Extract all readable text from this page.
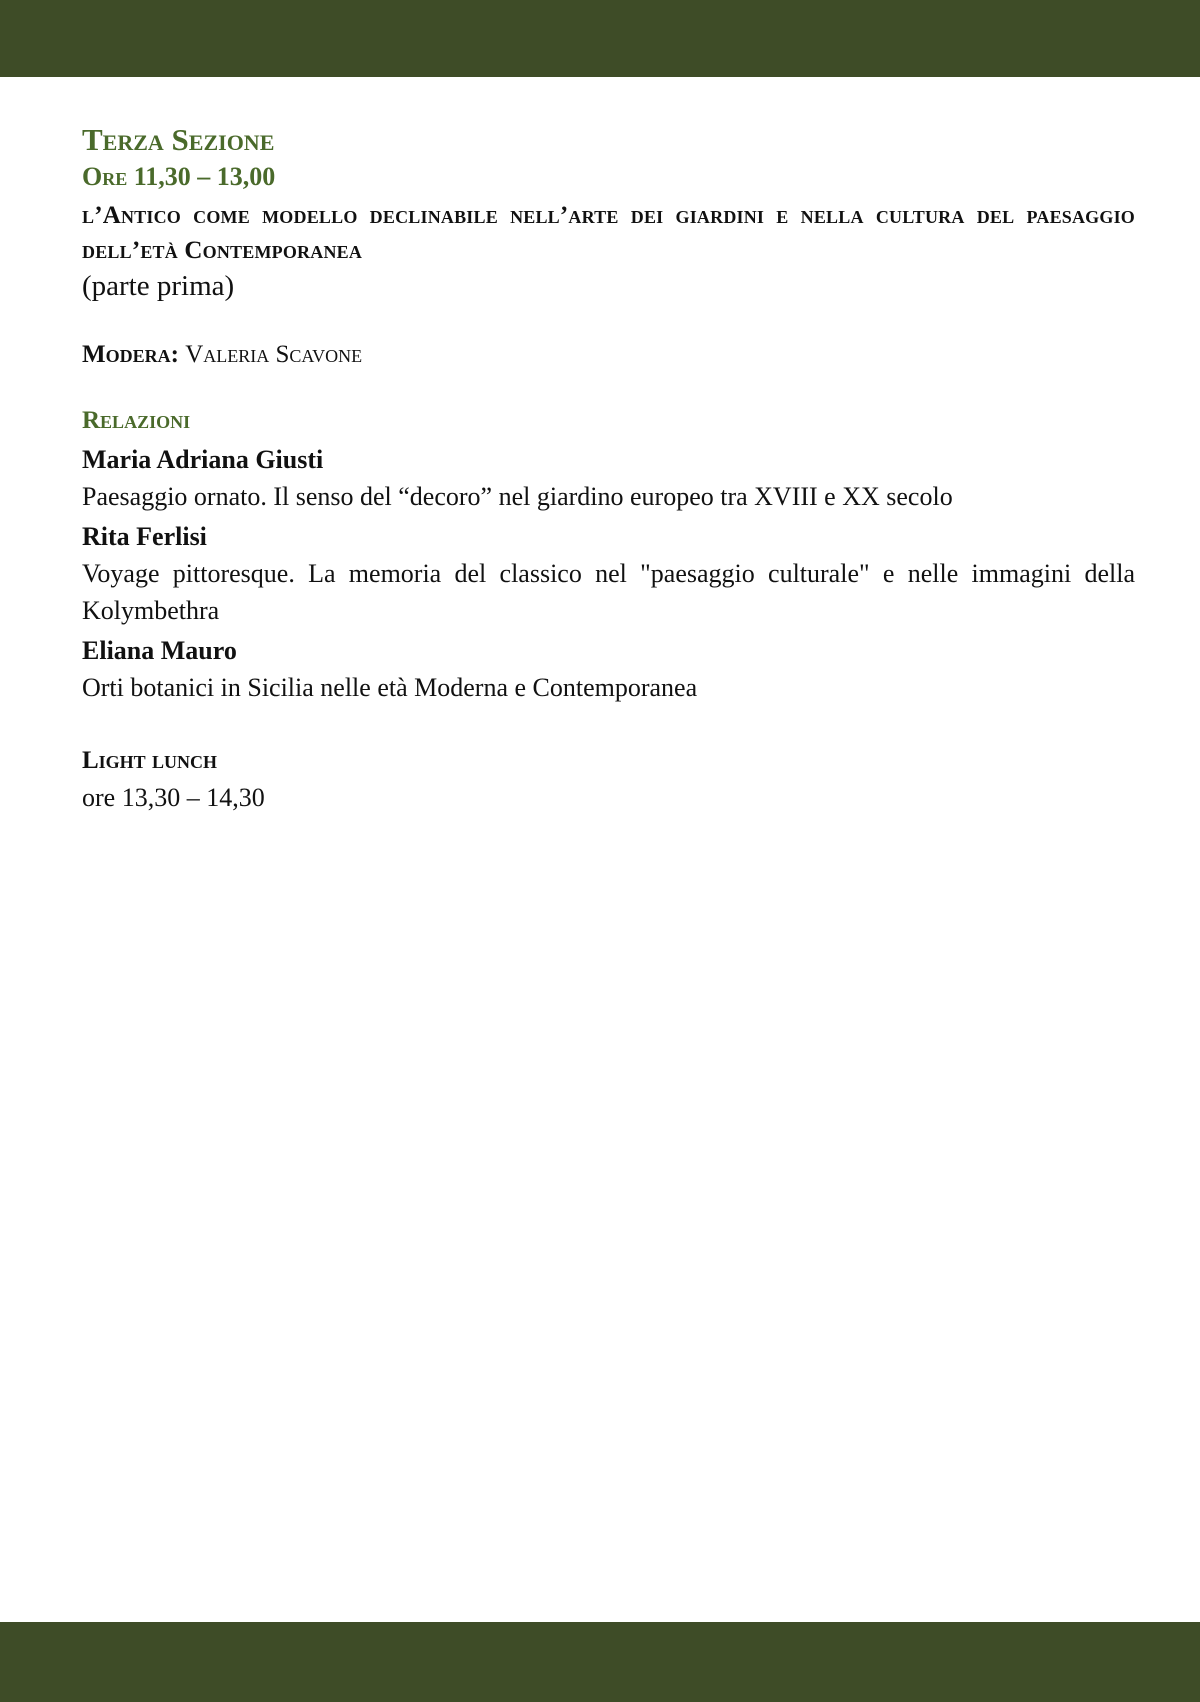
Terza Sezione
Ore 11,30 – 13,00
l’Antico come modello declinabile nell’arte dei giardini e nella cultura del paesaggio dell’età Contemporanea
(parte prima)
Modera: Valeria Scavone
Relazioni
Maria Adriana Giusti
Paesaggio ornato. Il senso del “decoro” nel giardino europeo tra XVIII e XX secolo
Rita Ferlisi
Voyage pittoresque. La memoria del classico nel "paesaggio culturale" e nelle immagini della Kolymbethra
Eliana Mauro
Orti botanici in Sicilia nelle età Moderna e Contemporanea
Light lunch
ore 13,30 – 14,30
